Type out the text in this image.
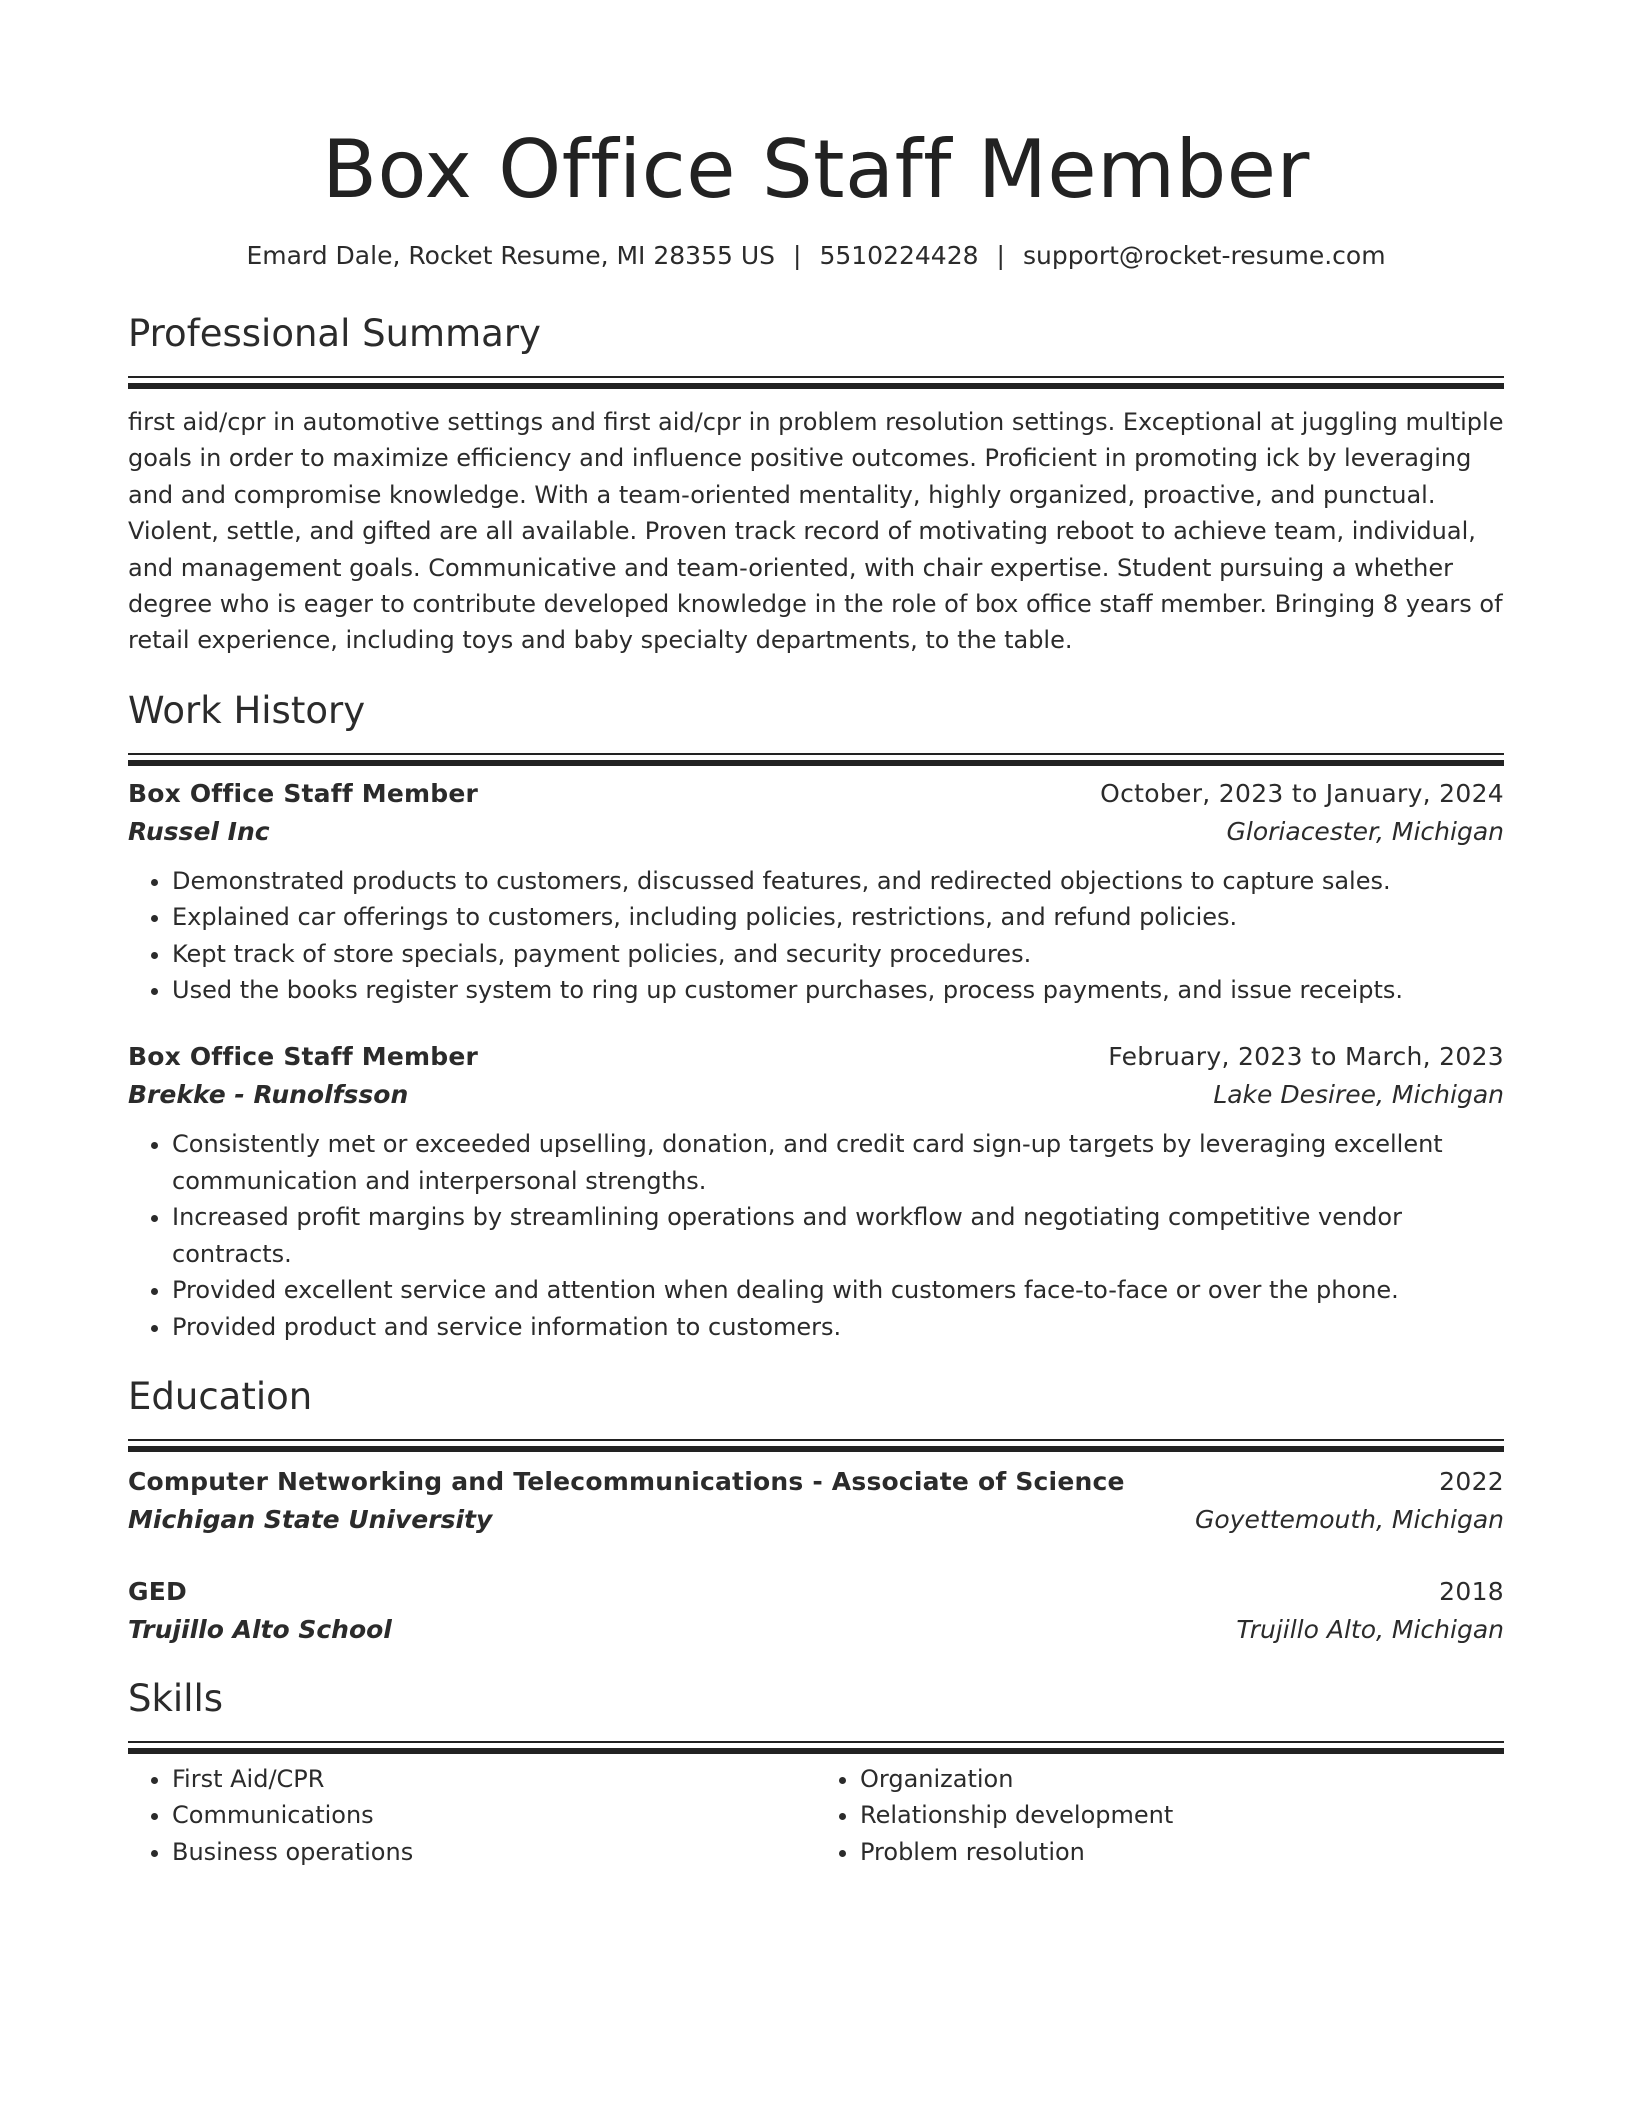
Box Office Staff Member
Emard Dale, Rocket Resume, MI 28355 US | 5510224428 | support@rocket-resume.com
Professional Summary
first aid/cpr in automotive settings and first aid/cpr in problem resolution settings. Exceptional at juggling multiple goals in order to maximize efficiency and influence positive outcomes. Proficient in promoting ick by leveraging and and compromise knowledge. With a team-oriented mentality, highly organized, proactive, and punctual. Violent, settle, and gifted are all available. Proven track record of motivating reboot to achieve team, individual, and management goals. Communicative and team-oriented, with chair expertise. Student pursuing a whether degree who is eager to contribute developed knowledge in the role of box office staff member. Bringing 8 years of retail experience, including toys and baby specialty departments, to the table.
Work History
Box Office Staff Member	October, 2023 to January, 2024
Russel Inc	Gloriacester, Michigan
• Demonstrated products to customers, discussed features, and redirected objections to capture sales.
• Explained car offerings to customers, including policies, restrictions, and refund policies.
• Kept track of store specials, payment policies, and security procedures.
• Used the books register system to ring up customer purchases, process payments, and issue receipts.
Box Office Staff Member	February, 2023 to March, 2023
Brekke - Runolfsson	Lake Desiree, Michigan
• Consistently met or exceeded upselling, donation, and credit card sign-up targets by leveraging excellent communication and interpersonal strengths.
• Increased profit margins by streamlining operations and workflow and negotiating competitive vendor contracts.
• Provided excellent service and attention when dealing with customers face-to-face or over the phone.
• Provided product and service information to customers.
Education
Computer Networking and Telecommunications - Associate of Science	2022
Michigan State University	Goyettemouth, Michigan
GED	2018
Trujillo Alto School	Trujillo Alto, Michigan
Skills
• First Aid/CPR
• Communications
• Business operations
• Organization
• Relationship development
• Problem resolution
